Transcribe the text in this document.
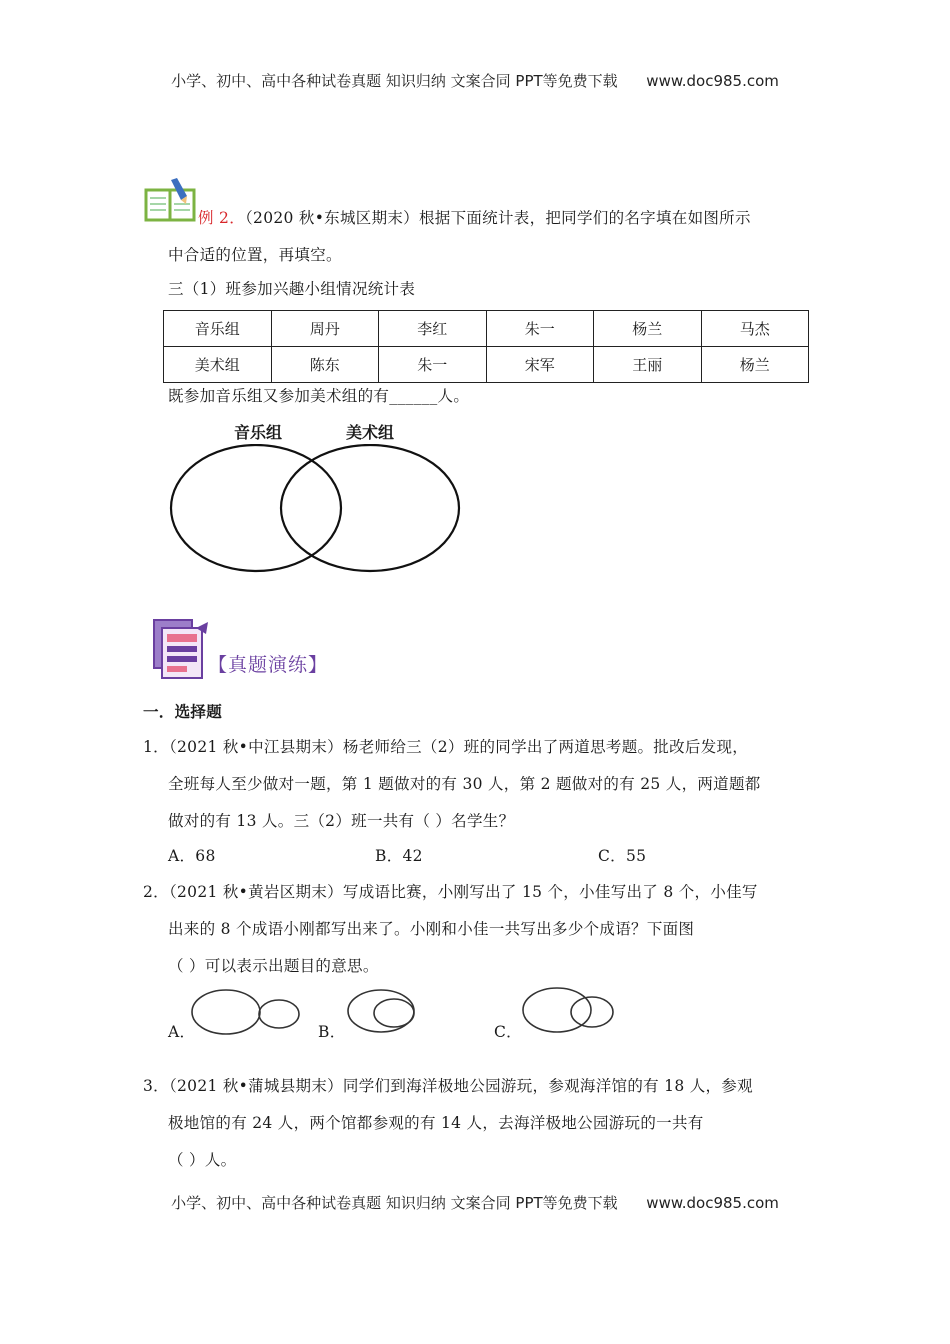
小学、初中、高中各种试卷真题 知识归纳 文案合同 PPT等免费下载 www.doc985.com
例 2．（2020 秋•东城区期末）根据下面统计表，把同学们的名字填在如图所示
中合适的位置，再填空。
三（1）班参加兴趣小组情况统计表
音乐组	周丹	李红	朱一	杨兰	马杰
美术组	陈东	朱一	宋军	王丽	杨兰
既参加音乐组又参加美术组的有______人。
音乐组	美术组
【真题演练】
一．选择题
1．（2021 秋•中江县期末）杨老师给三（2）班的同学出了两道思考题。批改后发现，
全班每人至少做对一题，第 1 题做对的有 30 人，第 2 题做对的有 25 人，两道题都
做对的有 13 人。三（2）班一共有（ ）名学生？
A．68	B．42	C．55
2．（2021 秋•黄岩区期末）写成语比赛，小刚写出了 15 个，小佳写出了 8 个，小佳写
出来的 8 个成语小刚都写出来了。小刚和小佳一共写出多少个成语？下面图
（ ）可以表示出题目的意思。
A．	B．	C．
3．（2021 秋•蒲城县期末）同学们到海洋极地公园游玩，参观海洋馆的有 18 人，参观
极地馆的有 24 人，两个馆都参观的有 14 人，去海洋极地公园游玩的一共有
（ ）人。
小学、初中、高中各种试卷真题 知识归纳 文案合同 PPT等免费下载 www.doc985.com
